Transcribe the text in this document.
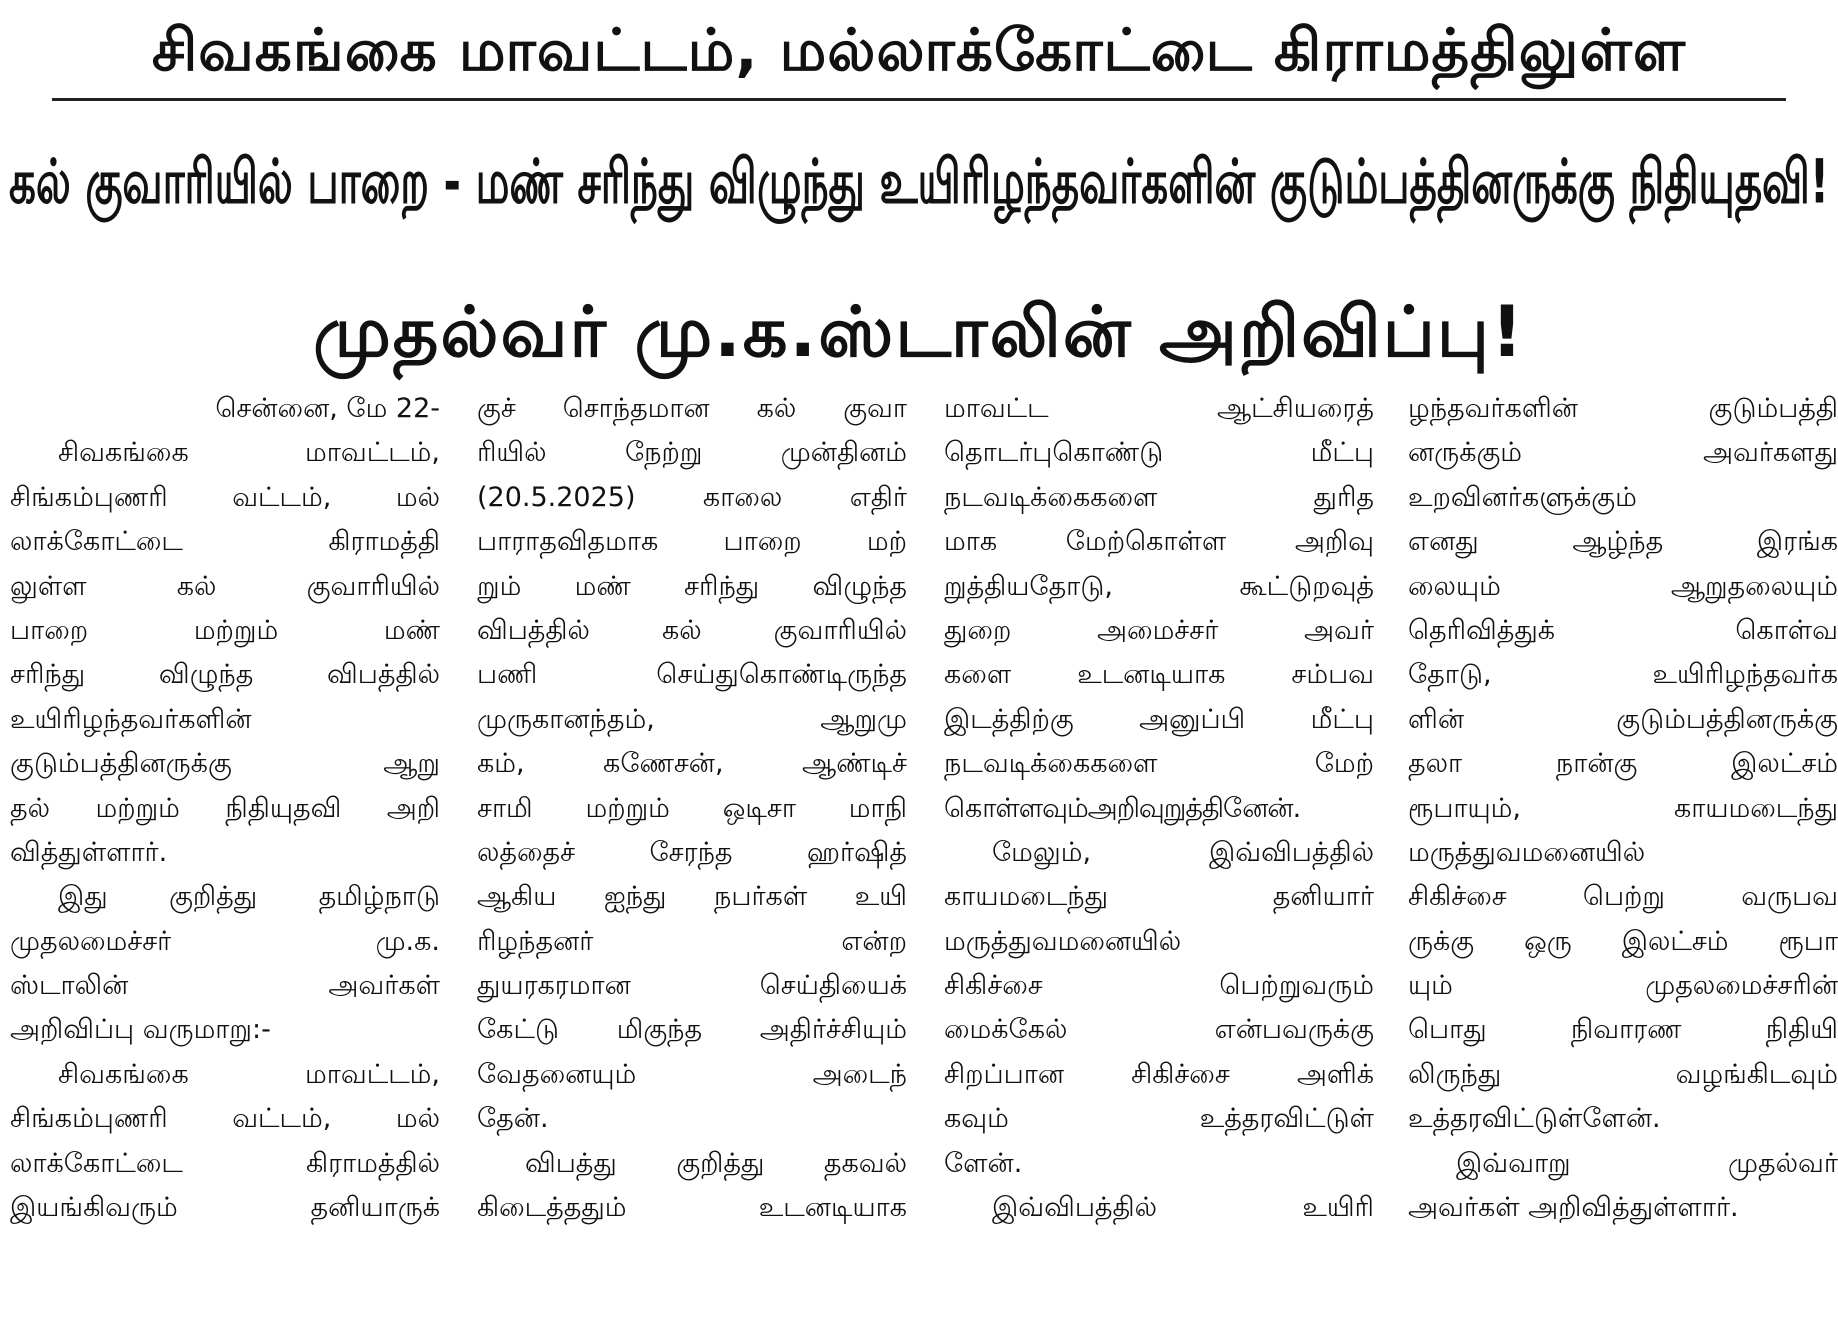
சிவகங்கை மாவட்டம், மல்லாக்கோட்டை கிராமத்திலுள்ள
கல் குவாரியில் பாறை - மண் சரிந்து விழுந்து உயிரிழந்தவர்களின் குடும்பத்தினருக்கு நிதியுதவி!
முதல்வர் மு.க.ஸ்டாலின் அறிவிப்பு!
சென்னை, மே 22-
சிவகங்கை மாவட்டம்,
சிங்கம்புணரி வட்டம், மல்
லாக்கோட்டை கிராமத்தி
லுள்ள கல் குவாரியில்
பாறை மற்றும் மண்
சரிந்து விழுந்த விபத்தில்
உயிரிழந்தவர்களின்
குடும்பத்தினருக்கு ஆறு
தல் மற்றும் நிதியுதவி அறி
வித்துள்ளார்.
இது குறித்து தமிழ்நாடு
முதலமைச்சர் மு.க.
ஸ்டாலின் அவர்கள்
அறிவிப்பு வருமாறு:-
சிவகங்கை மாவட்டம்,
சிங்கம்புணரி வட்டம், மல்
லாக்கோட்டை கிராமத்தில்
இயங்கிவரும் தனியாருக்
குச் சொந்தமான கல் குவா
ரியில் நேற்று முன்தினம்
(20.5.2025) காலை எதிர்
பாராதவிதமாக பாறை மற்
றும் மண் சரிந்து விழுந்த
விபத்தில் கல் குவாரியில்
பணி செய்துகொண்டிருந்த
முருகானந்தம், ஆறுமு
கம், கணேசன், ஆண்டிச்
சாமி மற்றும் ஒடிசா மாநி
லத்தைச் சேரந்த ஹர்ஷித்
ஆகிய ஐந்து நபர்கள் உயி
ரிழந்தனர் என்ற
துயரகரமான செய்தியைக்
கேட்டு மிகுந்த அதிர்ச்சியும்
வேதனையும் அடைந்
தேன்.
விபத்து குறித்து தகவல்
கிடைத்ததும் உடனடியாக
மாவட்ட ஆட்சியரைத்
தொடர்புகொண்டு மீட்பு
நடவடிக்கைகளை துரித
மாக மேற்கொள்ள அறிவு
றுத்தியதோடு, கூட்டுறவுத்
துறை அமைச்சர் அவர்
களை உடனடியாக சம்பவ
இடத்திற்கு அனுப்பி மீட்பு
நடவடிக்கைகளை மேற்
கொள்ளவும்அறிவுறுத்தினேன்.
மேலும், இவ்விபத்தில்
காயமடைந்து தனியார்
மருத்துவமனையில்
சிகிச்சை பெற்றுவரும்
மைக்கேல் என்பவருக்கு
சிறப்பான சிகிச்சை அளிக்
கவும் உத்தரவிட்டுள்
ளேன்.
இவ்விபத்தில் உயிரி
ழந்தவர்களின் குடும்பத்தி
னருக்கும் அவர்களது
உறவினர்களுக்கும்
எனது ஆழ்ந்த இரங்க
லையும் ஆறுதலையும்
தெரிவித்துக் கொள்வ
தோடு, உயிரிழந்தவர்க
ளின் குடும்பத்தினருக்கு
தலா நான்கு இலட்சம்
ரூபாயும், காயமடைந்து
மருத்துவமனையில்
சிகிச்சை பெற்று வருபவ
ருக்கு ஒரு இலட்சம் ரூபா
யும் முதலமைச்சரின்
பொது நிவாரண நிதியி
லிருந்து வழங்கிடவும்
உத்தரவிட்டுள்ளேன்.
இவ்வாறு முதல்வர்
அவர்கள் அறிவித்துள்ளார்.
